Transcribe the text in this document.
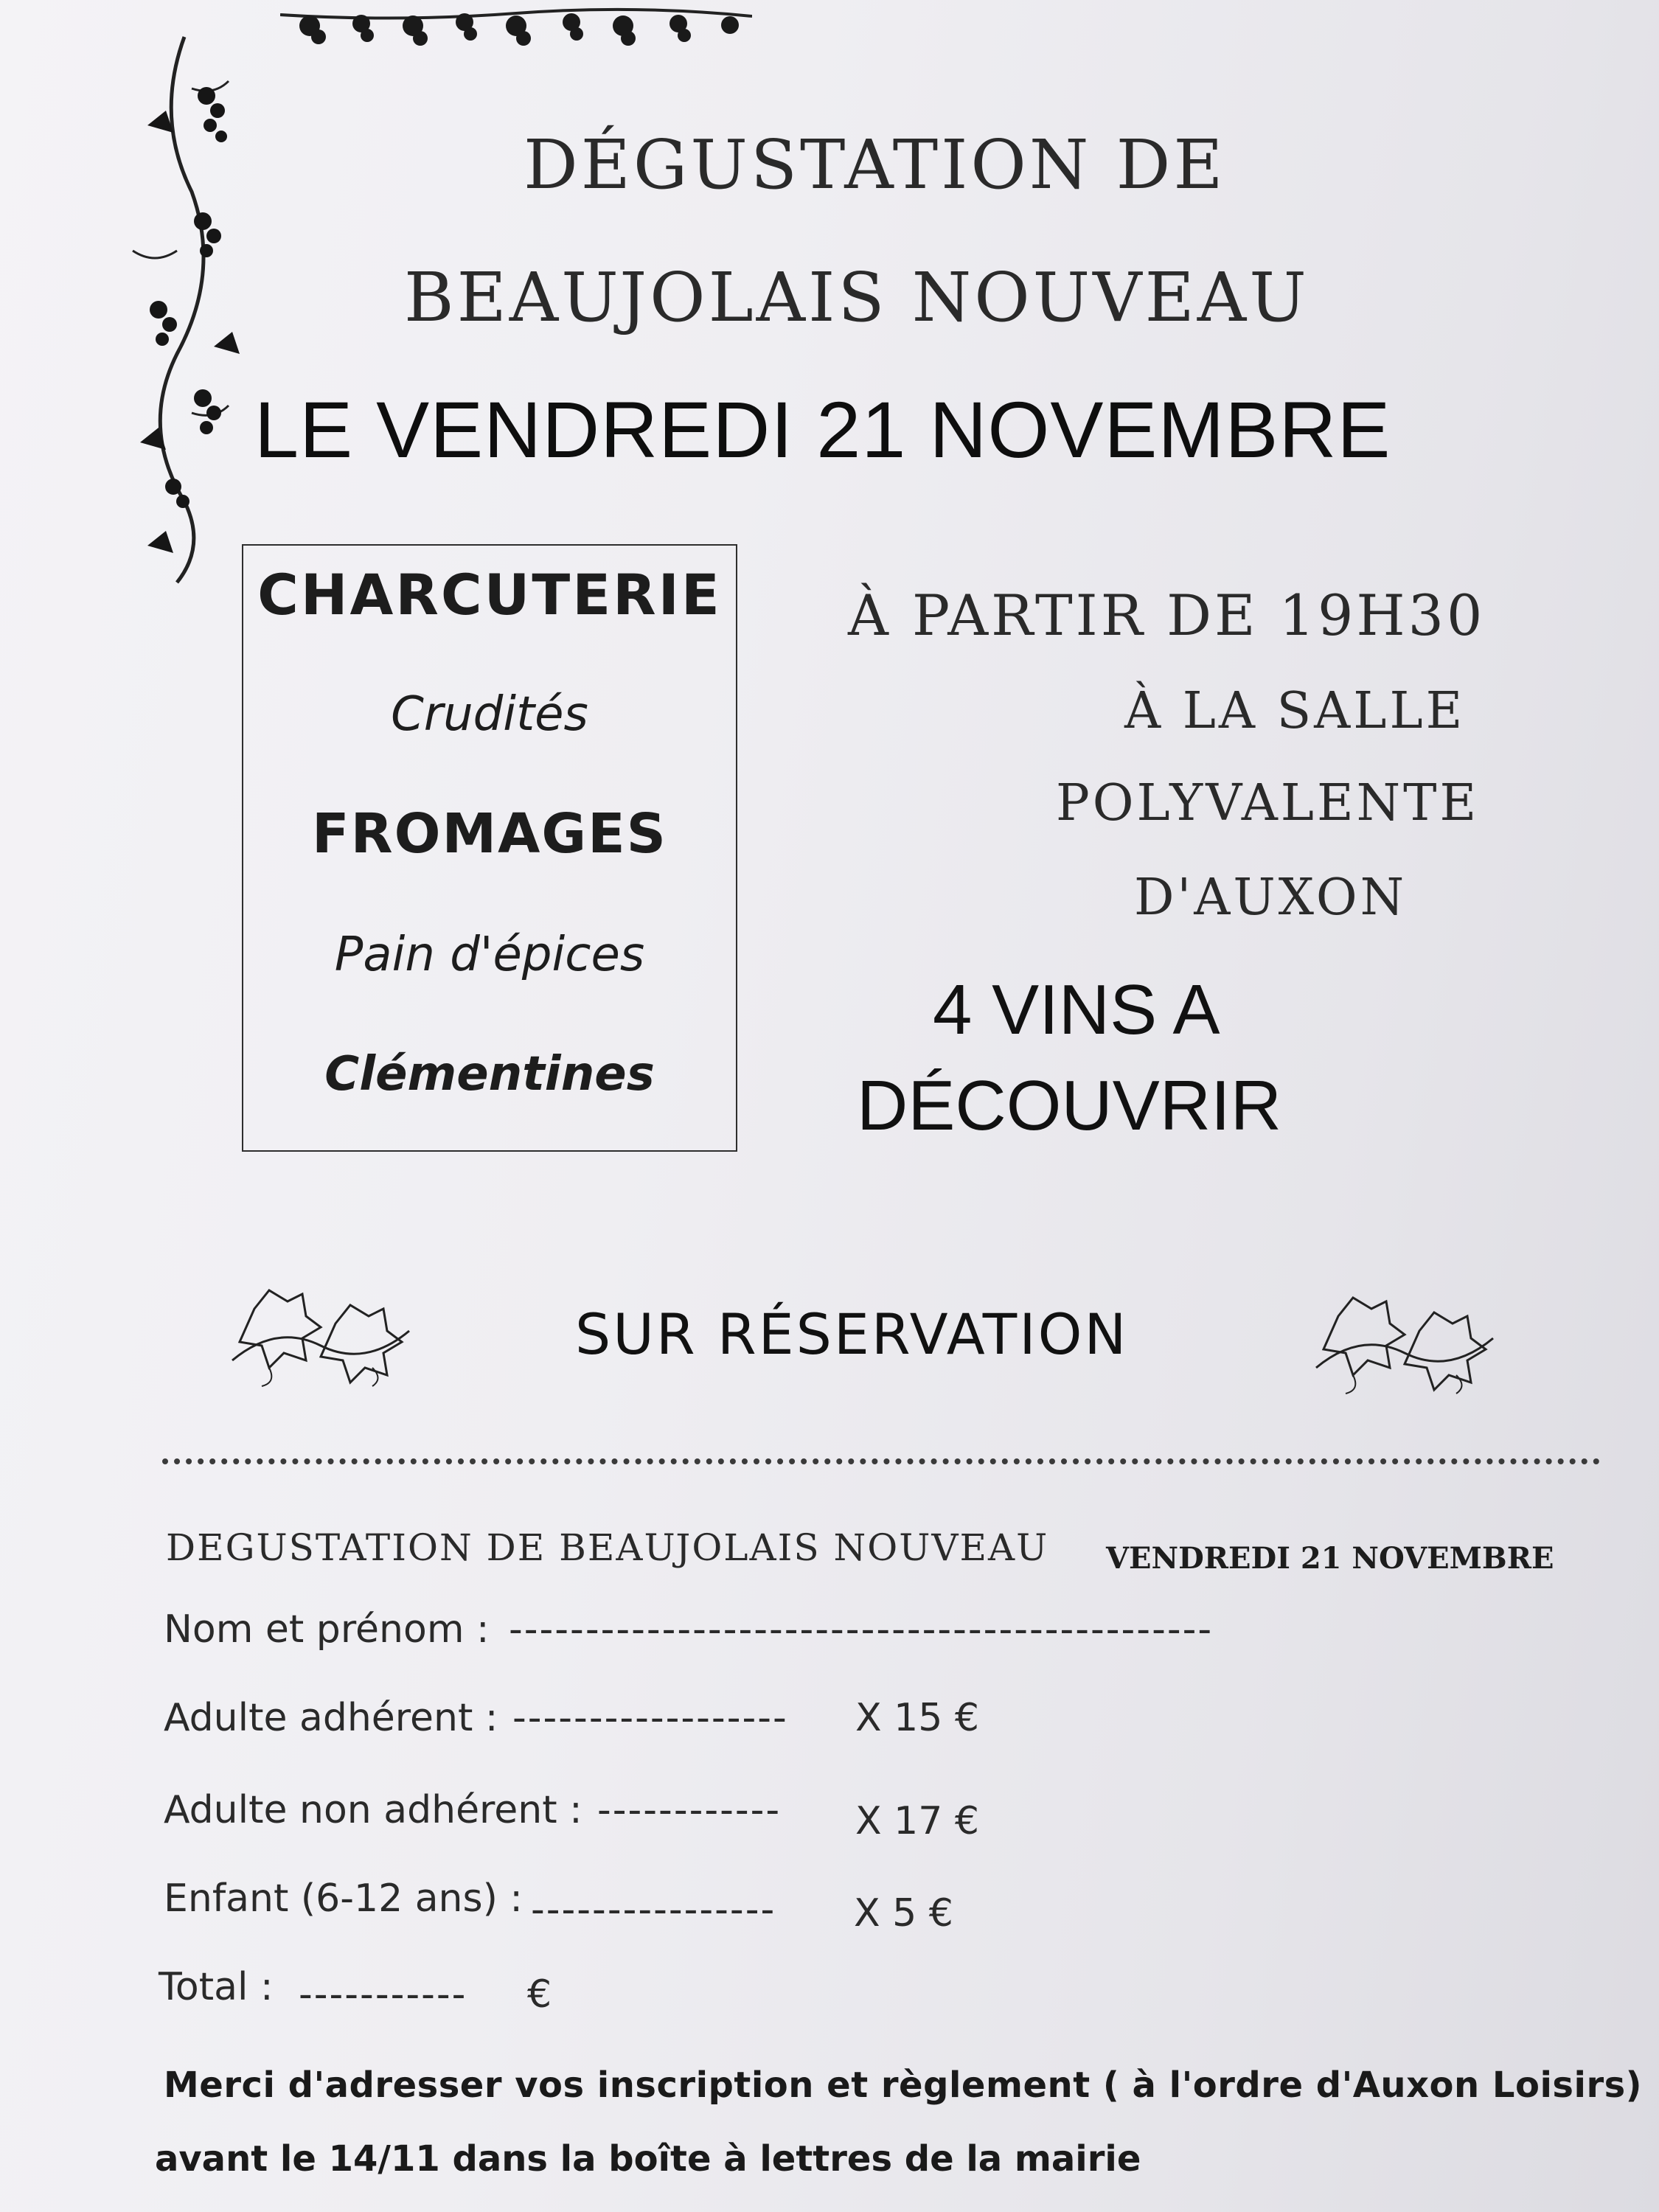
DÉGUSTATION DE
BEAUJOLAIS NOUVEAU
LE VENDREDI 21 NOVEMBRE
CHARCUTERIE
Crudités
FROMAGES
Pain d'épices
Clémentines
À PARTIR DE 19H30
À LA SALLE
POLYVALENTE
D'AUXON
4 VINS A
DÉCOUVRIR
SUR RÉSERVATION
DEGUSTATION DE BEAUJOLAIS NOUVEAU VENDREDI 21 NOVEMBRE
Nom et prénom : ----------------------------------------------
Adulte adhérent : ------------------ X 15 €
Adulte non adhérent : ------------ X 17 €
Enfant (6-12 ans) : ---------------- X 5 €
Total : ----------- €
Merci d'adresser vos inscription et règlement ( à l'ordre d'Auxon Loisirs)
avant le 14/11 dans la boîte à lettres de la mairie
